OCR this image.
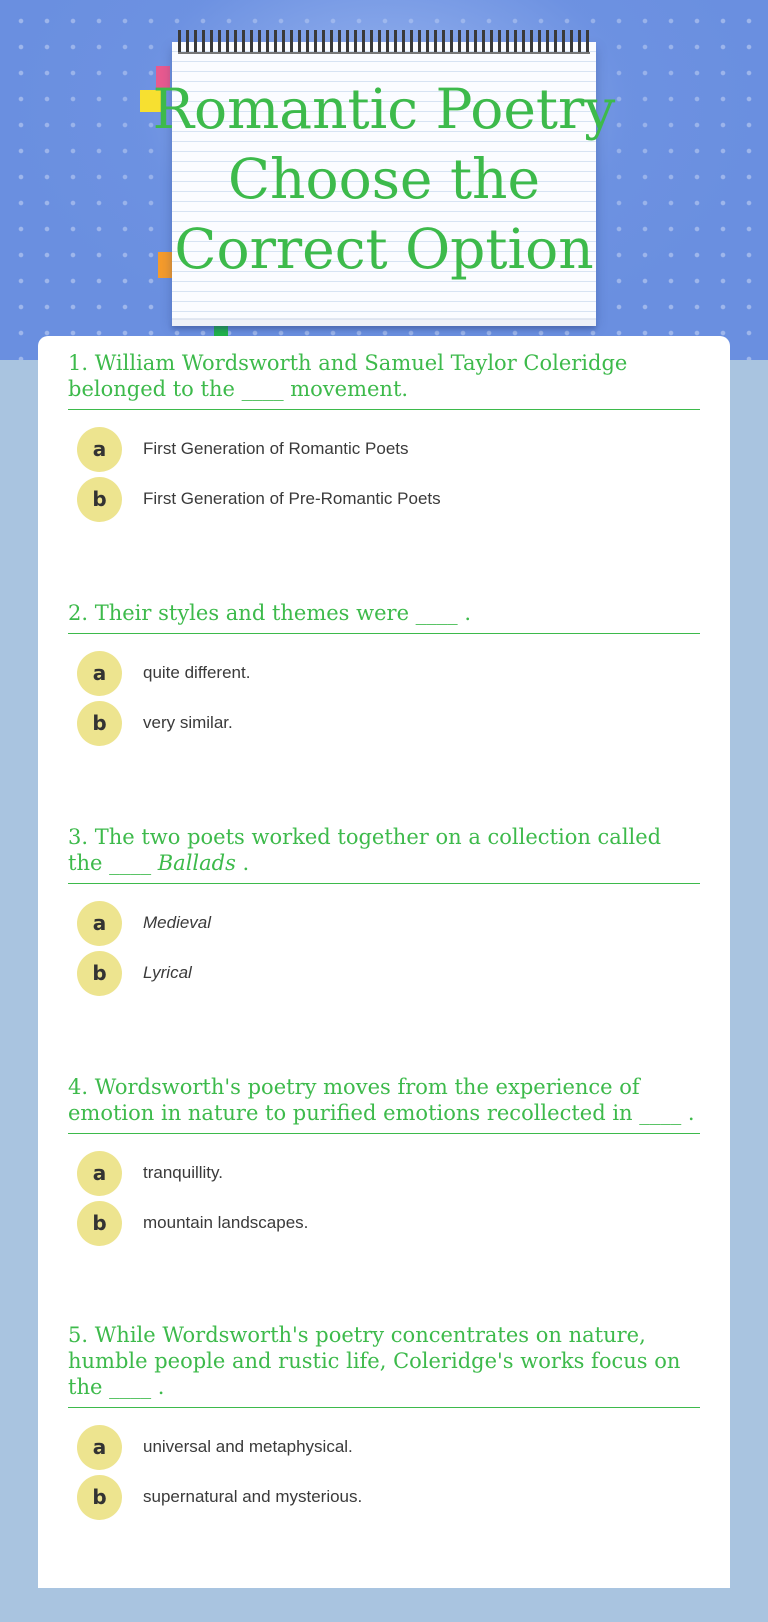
Romantic Poetry
Choose the
Correct Option

1. William Wordsworth and Samuel Taylor Coleridge belonged to the ____ movement.

a	First Generation of Romantic Poets
b	First Generation of Pre-Romantic Poets

2. Their styles and themes were ____ .

a	quite different.
b	very similar.

3. The two poets worked together on a collection called the ____ Ballads .

a	Medieval
b	Lyrical

4. Wordsworth's poetry moves from the experience of emotion in nature to purified emotions recollected in ____ .

a	tranquillity.
b	mountain landscapes.

5. While Wordsworth's poetry concentrates on nature, humble people and rustic life, Coleridge's works focus on the ____ .

a	universal and metaphysical.
b	supernatural and mysterious.
